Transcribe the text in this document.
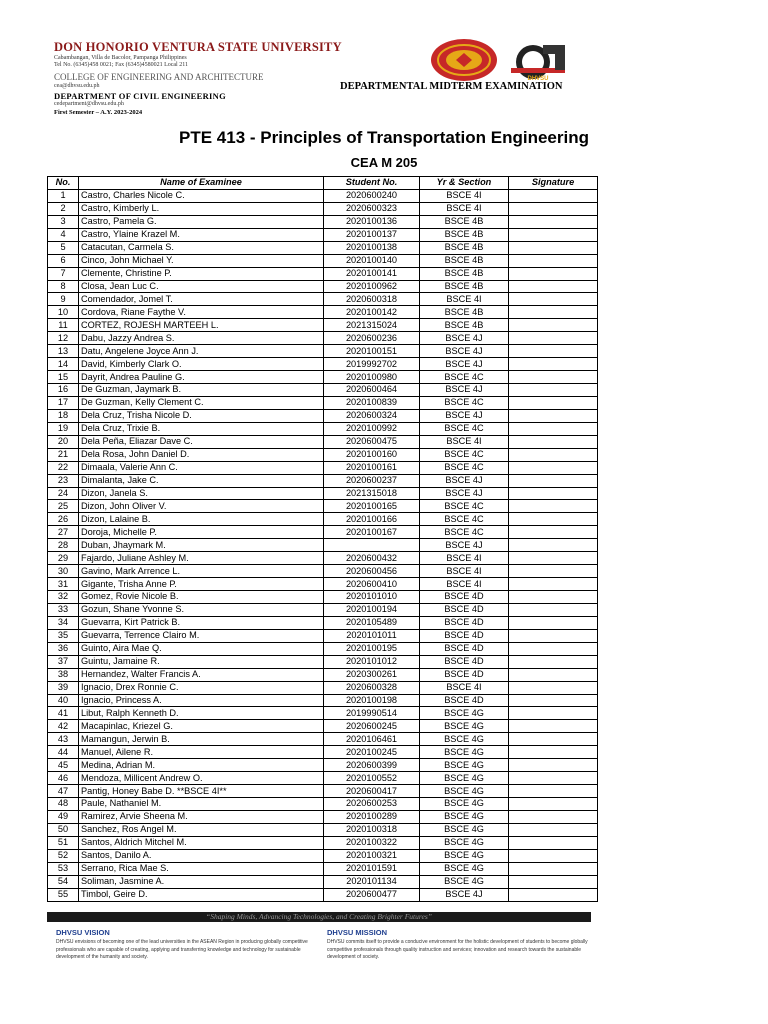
DON HONORIO VENTURA STATE UNIVERSITY
Cabambangan, Villa de Bacolor, Pampanga Philippines
Tel No. (6345)458 0021; Fax (6345)4580021 Local 211
COLLEGE OF ENGINEERING AND ARCHITECTURE
cea@dhvsu.edu.ph
DEPARTMENT OF CIVIL ENGINEERING
cedepartment@dhvsu.edu.ph
First Semester – A.Y. 2023-2024
DHVSU
DEPARTMENTAL MIDTERM EXAMINATION
PTE 413 - Principles of Transportation Engineering
CEA M 205
No.	Name of Examinee	Student No.	Yr & Section	Signature
1	Castro, Charles Nicole C.	2020600240	BSCE 4I	
2	Castro, Kimberly L.	2020600323	BSCE 4I	
3	Castro, Pamela G.	2020100136	BSCE 4B	
4	Castro, Ylaine Krazel M.	2020100137	BSCE 4B	
5	Catacutan, Carmela S.	2020100138	BSCE 4B	
6	Cinco, John Michael Y.	2020100140	BSCE 4B	
7	Clemente, Christine P.	2020100141	BSCE 4B	
8	Closa, Jean Luc C.	2020100962	BSCE 4B	
9	Comendador, Jomel T.	2020600318	BSCE 4I	
10	Cordova, Riane Faythe V.	2020100142	BSCE 4B	
11	CORTEZ, ROJESH MARTEEH L.	2021315024	BSCE 4B	
12	Dabu, Jazzy Andrea S.	2020600236	BSCE 4J	
13	Datu, Angelene Joyce Ann J.	2020100151	BSCE 4J	
14	David, Kimberly Clark O.	2019992702	BSCE 4J	
15	Dayrit, Andrea Pauline G.	2020100980	BSCE 4C	
16	De Guzman, Jaymark B.	2020600464	BSCE 4J	
17	De Guzman, Kelly Clement C.	2020100839	BSCE 4C	
18	Dela Cruz, Trisha Nicole D.	2020600324	BSCE 4J	
19	Dela Cruz, Trixie B.	2020100992	BSCE 4C	
20	Dela Peña, Eliazar Dave C.	2020600475	BSCE 4I	
21	Dela Rosa, John Daniel D.	2020100160	BSCE 4C	
22	Dimaala, Valerie Ann C.	2020100161	BSCE 4C	
23	Dimalanta, Jake C.	2020600237	BSCE 4J	
24	Dizon, Janela S.	2021315018	BSCE 4J	
25	Dizon, John Oliver V.	2020100165	BSCE 4C	
26	Dizon, Lalaine B.	2020100166	BSCE 4C	
27	Doroja, Michelle P.	2020100167	BSCE 4C	
28	Duban, Jhaymark M.		BSCE 4J	
29	Fajardo, Juliane Ashley M.	2020600432	BSCE 4I	
30	Gavino, Mark Arrence L.	2020600456	BSCE 4I	
31	Gigante, Trisha Anne P.	2020600410	BSCE 4I	
32	Gomez, Rovie Nicole B.	2020101010	BSCE 4D	
33	Gozun, Shane Yvonne S.	2020100194	BSCE 4D	
34	Guevarra, Kirt Patrick B.	2020105489	BSCE 4D	
35	Guevarra, Terrence Clairo M.	2020101011	BSCE 4D	
36	Guinto, Aira Mae Q.	2020100195	BSCE 4D	
37	Guintu, Jamaine R.	2020101012	BSCE 4D	
38	Hernandez, Walter Francis A.	2020300261	BSCE 4D	
39	Ignacio, Drex Ronnie C.	2020600328	BSCE 4I	
40	Ignacio, Princess A.	2020100198	BSCE 4D	
41	Libut, Ralph Kenneth D.	2019990514	BSCE 4G	
42	Macapinlac, Kriezel G.	2020600245	BSCE 4G	
43	Mamangun, Jerwin B.	2020106461	BSCE 4G	
44	Manuel, Ailene R.	2020100245	BSCE 4G	
45	Medina, Adrian M.	2020600399	BSCE 4G	
46	Mendoza, Millicent Andrew O.	2020100552	BSCE 4G	
47	Pantig, Honey Babe D. **BSCE 4I**	2020600417	BSCE 4G	
48	Paule, Nathaniel M.	2020600253	BSCE 4G	
49	Ramirez, Arvie Sheena M.	2020100289	BSCE 4G	
50	Sanchez, Ros Angel M.	2020100318	BSCE 4G	
51	Santos, Aldrich Mitchel M.	2020100322	BSCE 4G	
52	Santos, Danilo A.	2020100321	BSCE 4G	
53	Serrano, Rica Mae S.	2020101591	BSCE 4G	
54	Soliman, Jasmine A.	2020101134	BSCE 4G	
55	Timbol, Geire D.	2020600477	BSCE 4J	
“Shaping Minds, Advancing Technologies, and Creating Brighter Futures”
DHVSU VISION
DHVSU envisions of becoming one of the lead universities in the ASEAN Region in producing globally competitive professionals who are capable of creating, applying and transferring knowledge and technology for sustainable development of the humanity and society.
DHVSU MISSION
DHVSU commits itself to provide a conducive environment for the holistic development of students to become globally competitive professionals through quality instruction and services; innovation and research towards the sustainable development of society.
